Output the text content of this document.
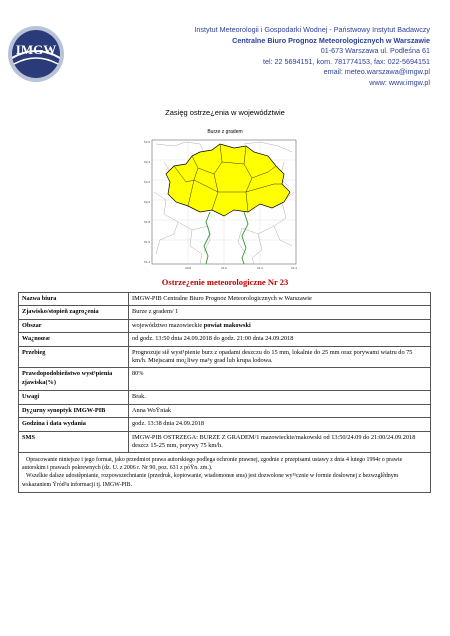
IMGW
Instytut Meteorologii i Gospodarki Wodnej - Państwowy Instytut Badawczy
Centralne Biuro Prognoz Meteorologicznych w Warszawie
01-673 Warszawa ul. Podleśna 61
tel: 22 5694151, kom. 781774153, fax: 022-5694151
email: meteo.warszawa@imgw.pl
www: www.imgw.pl
Zasięg ostrze¿enia w województwie
Burze z gradem
52.6
52.4
52.2
52.0
51.8
51.6
51.4
20.8	21.0	21.2	21.4
Ostrze¿enie meteorologiczne Nr 23
Nazwa biura	IMGW-PIB Centralne Biuro Prognoz Meteorologicznych w Warszawie
Zjawisko/stopieñ zagro¿enia	Burze z gradem/ 1
Obszar	województwo mazowieckie powiat makowski
Wa¿noœæ	od godz. 13:50 dnia 24.09.2018 do godz. 21:00 dnia 24.09.2018
Przebieg	Prognozuje siê wyst¹pienie burz z opadami deszczu do 15 mm, lokalnie do 25 mm oraz porywami wiatru do 75 km/h. Miejscami mo¿liwy ma³y grad lub krupa lodowa.
Prawdopodobieñstwo wyst¹pienia zjawiska(%)	80%
Uwagi	Brak.
Dy¿urny synoptyk IMGW-PIB	Anna WoŸniak
Godzina i data wydania	godz. 13:38 dnia 24.09.2018
SMS	IMGW-PIB OSTRZEGA: BURZE Z GRADEM/1 mazowieckie/makowski od 13:50/24.09 do 21:00/24.09.2018 deszcz 15-25 mm, porywy 75 km/h.

Opracowanie niniejsze i jego format, jako przedmiot prawa autorskiego podlega ochronie prawnej, zgodnie z przepisami ustawy z dnia 4 lutego 1994r o prawie autorskim i prawach pokrewnych (dz. U. z 2006 r. Nr 90, poz. 631 z póŸn. zm.).

Wszelkie dalsze udostêpnianie, rozpowszechnianie (przedruk, kopiowanie, wiadomoœæ sms) jest dozwolone wy³¹cznie w formie dosłownej z bezwzglêdnym wskazaniem Ÿród³a informacji tj. IMGW-PIB.
